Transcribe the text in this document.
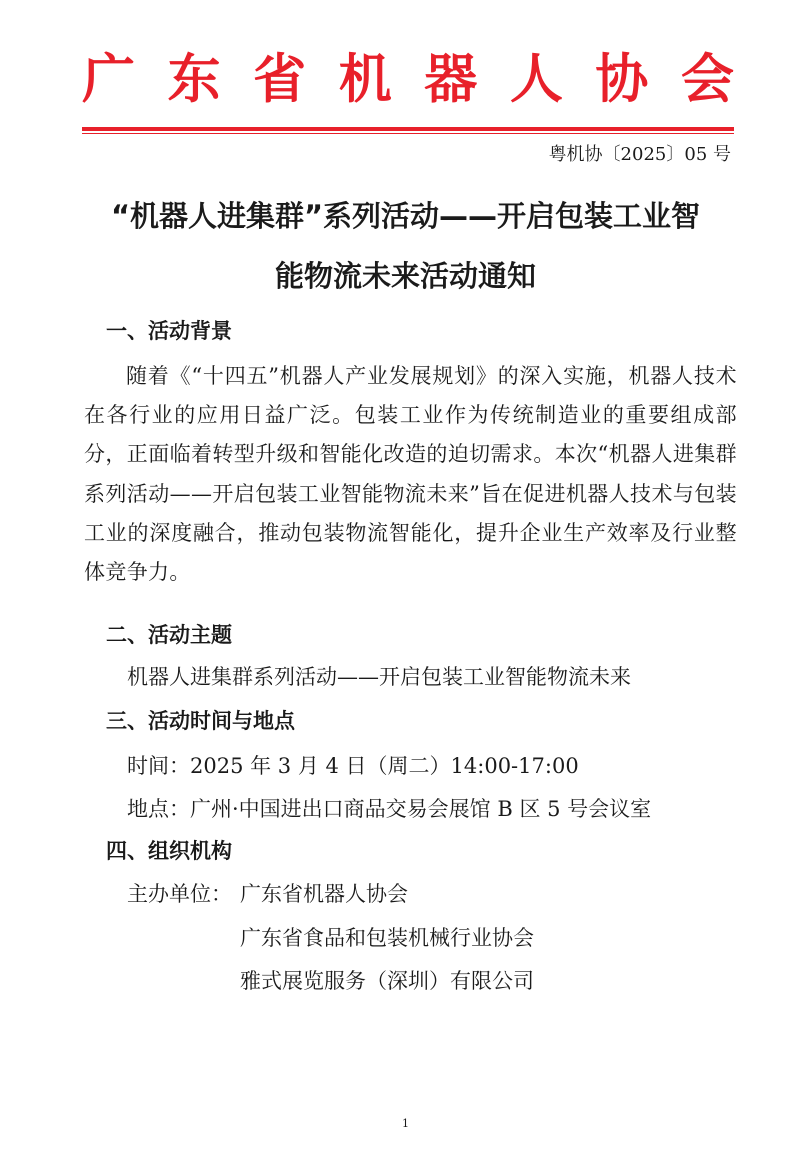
广 东 省 机 器 人 协 会
粤机协〔2025〕05 号
“机器人进集群”系列活动——开启包装工业智
能物流未来活动通知
一、活动背景
随着《“十四五”机器人产业发展规划》的深入实施，机器人技术在各行业的应用日益广泛。包装工业作为传统制造业的重要组成部分，正面临着转型升级和智能化改造的迫切需求。本次“机器人进集群系列活动——开启包装工业智能物流未来”旨在促进机器人技术与包装工业的深度融合，推动包装物流智能化，提升企业生产效率及行业整体竞争力。
二、活动主题
机器人进集群系列活动——开启包装工业智能物流未来
三、活动时间与地点
时间：2025 年 3 月 4 日（周二）14:00-17:00
地点：广州·中国进出口商品交易会展馆 B 区 5 号会议室
四、组织机构
主办单位： 广东省机器人协会
广东省食品和包装机械行业协会
雅式展览服务（深圳）有限公司
1
